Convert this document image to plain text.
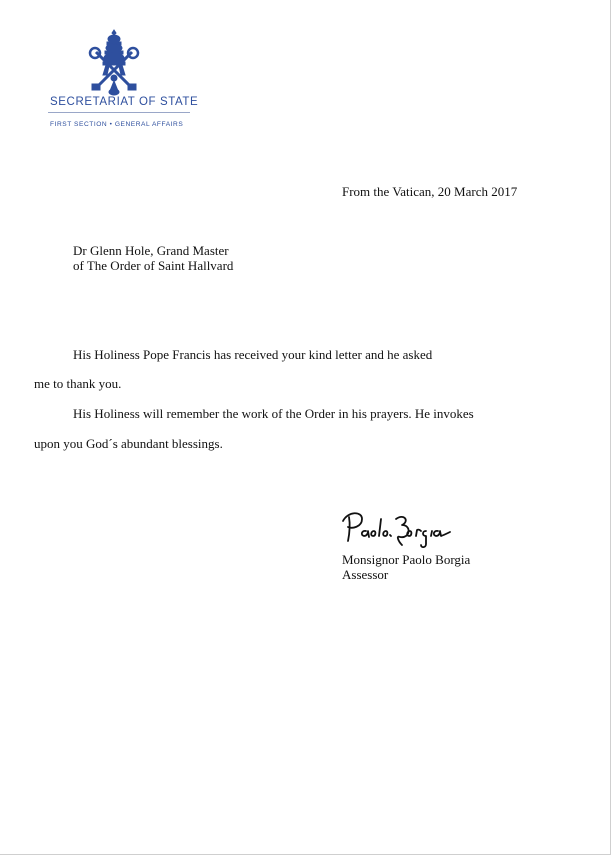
SECRETARIAT OF STATE
FIRST SECTION • GENERAL AFFAIRS
From the Vatican, 20 March 2017
Dr Glenn Hole, Grand Master
of The Order of Saint Hallvard
His Holiness Pope Francis has received your kind letter and he asked
me to thank you.
His Holiness will remember the work of the Order in his prayers. He invokes
upon you God´s abundant blessings.
Monsignor Paolo Borgia
Assessor
